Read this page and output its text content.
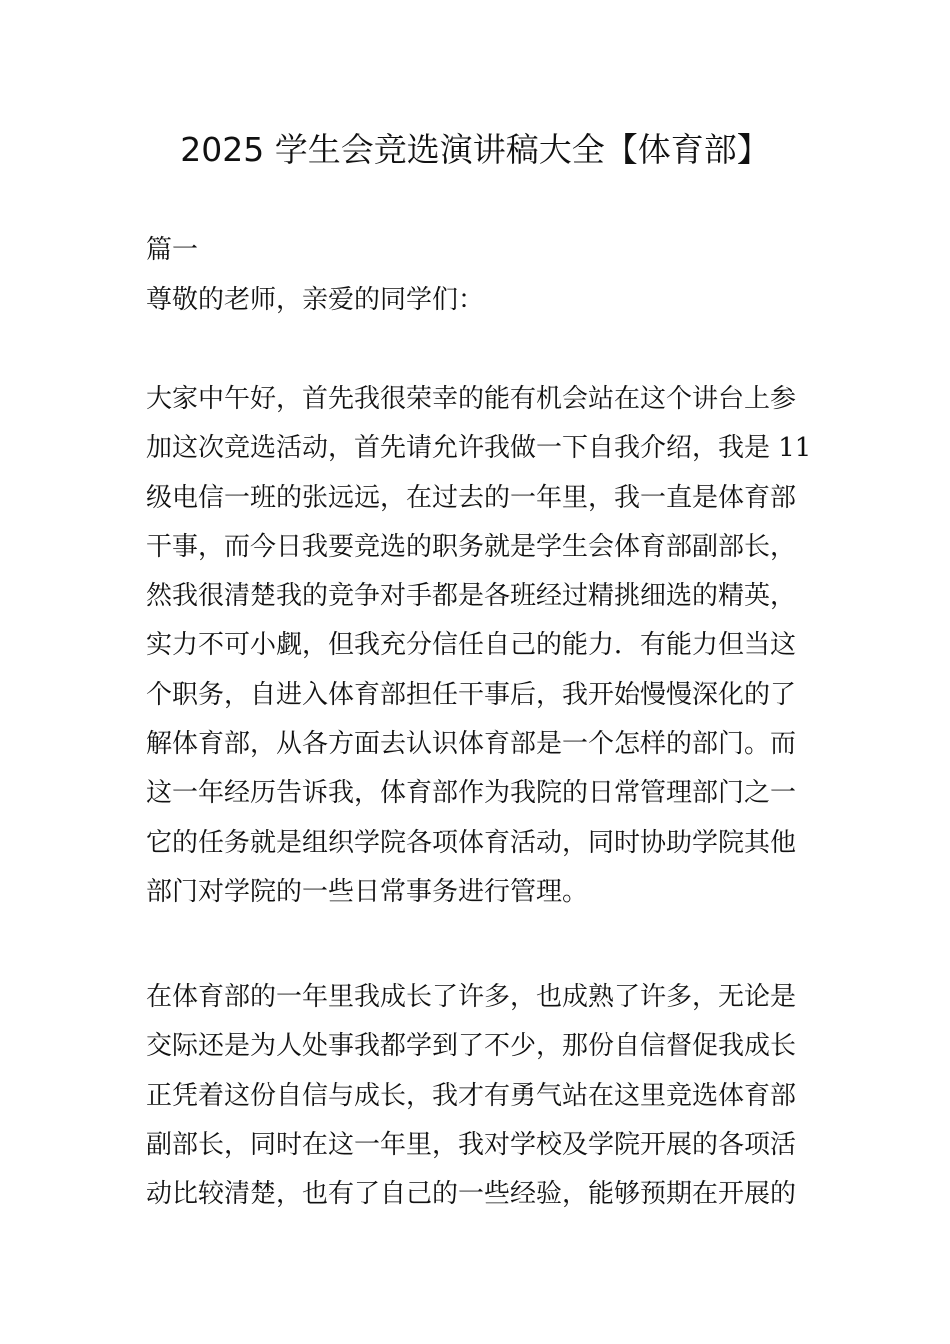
2025 学生会竞选演讲稿大全【体育部】

篇一

尊敬的老师，亲爱的同学们：

大家中午好，首先我很荣幸的能有机会站在这个讲台上参
加这次竞选活动，首先请允许我做一下自我介绍，我是 11
级电信一班的张远远，在过去的一年里，我一直是体育部
干事，而今日我要竞选的职务就是学生会体育部副部长，
然我很清楚我的竞争对手都是各班经过精挑细选的精英，
实力不可小觑，但我充分信任自己的能力．有能力但当这
个职务，自进入体育部担任干事后，我开始慢慢深化的了
解体育部，从各方面去认识体育部是一个怎样的部门。而
这一年经历告诉我，体育部作为我院的日常管理部门之一
它的任务就是组织学院各项体育活动，同时协助学院其他
部门对学院的一些日常事务进行管理。

在体育部的一年里我成长了许多，也成熟了许多，无论是
交际还是为人处事我都学到了不少，那份自信督促我成长
正凭着这份自信与成长，我才有勇气站在这里竞选体育部
副部长，同时在这一年里，我对学校及学院开展的各项活
动比较清楚，也有了自己的一些经验，能够预期在开展的
